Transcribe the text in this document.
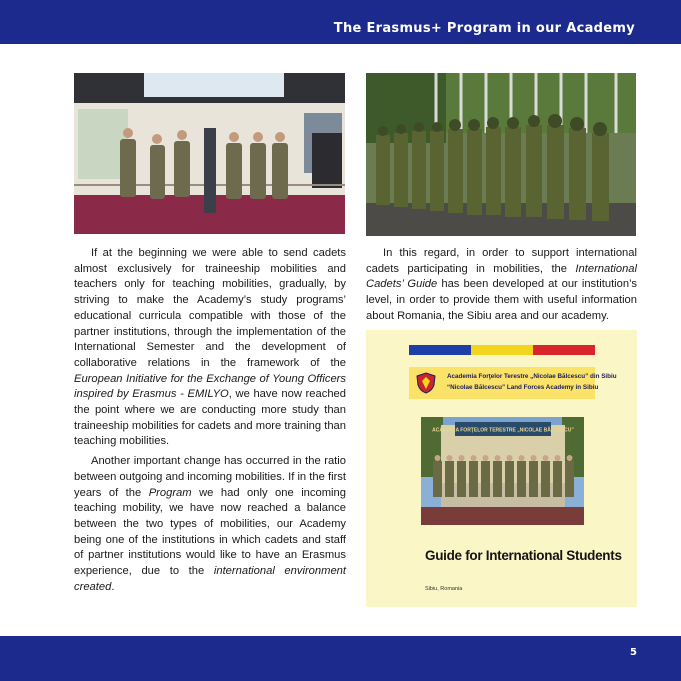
The Erasmus+ Program in our Academy

If at the beginning we were able to send cadets almost exclusively for traineeship mobilities and teachers only for teaching mobilities, gradually, by striving to make the Academy’s study programs’ educational curricula compatible with those of the partner institutions, through the implementation of the International Semester and the development of collaborative relations in the framework of the European Initiative for the Exchange of Young Officers inspired by Erasmus - EMILYO, we have now reached the point where we are conducting more study than traineeship mobilities for cadets and more training than teaching mobilities.

Another important change has occurred in the ratio between outgoing and incoming mobilities. If in the first years of the Program we had only one incoming teaching mobility, we have now reached a balance between the two types of mobilities, our Academy being one of the institutions in which cadets and staff of partner institutions would like to have an Erasmus experience, due to the international environment created.

In this regard, in order to support international cadets participating in mobilities, the International Cadets’ Guide has been developed at our institution’s level, in order to provide them with useful information about Romania, the Sibiu area and our academy.

Academia Forţelor Terestre „Nicolae Bălcescu” din Sibiu
“Nicolae Bălcescu” Land Forces Academy in Sibiu
ACADEMIA FORŢELOR TERESTRE „NICOLAE BĂLCESCU”
Guide for International Students
Sibiu, Romania
5
